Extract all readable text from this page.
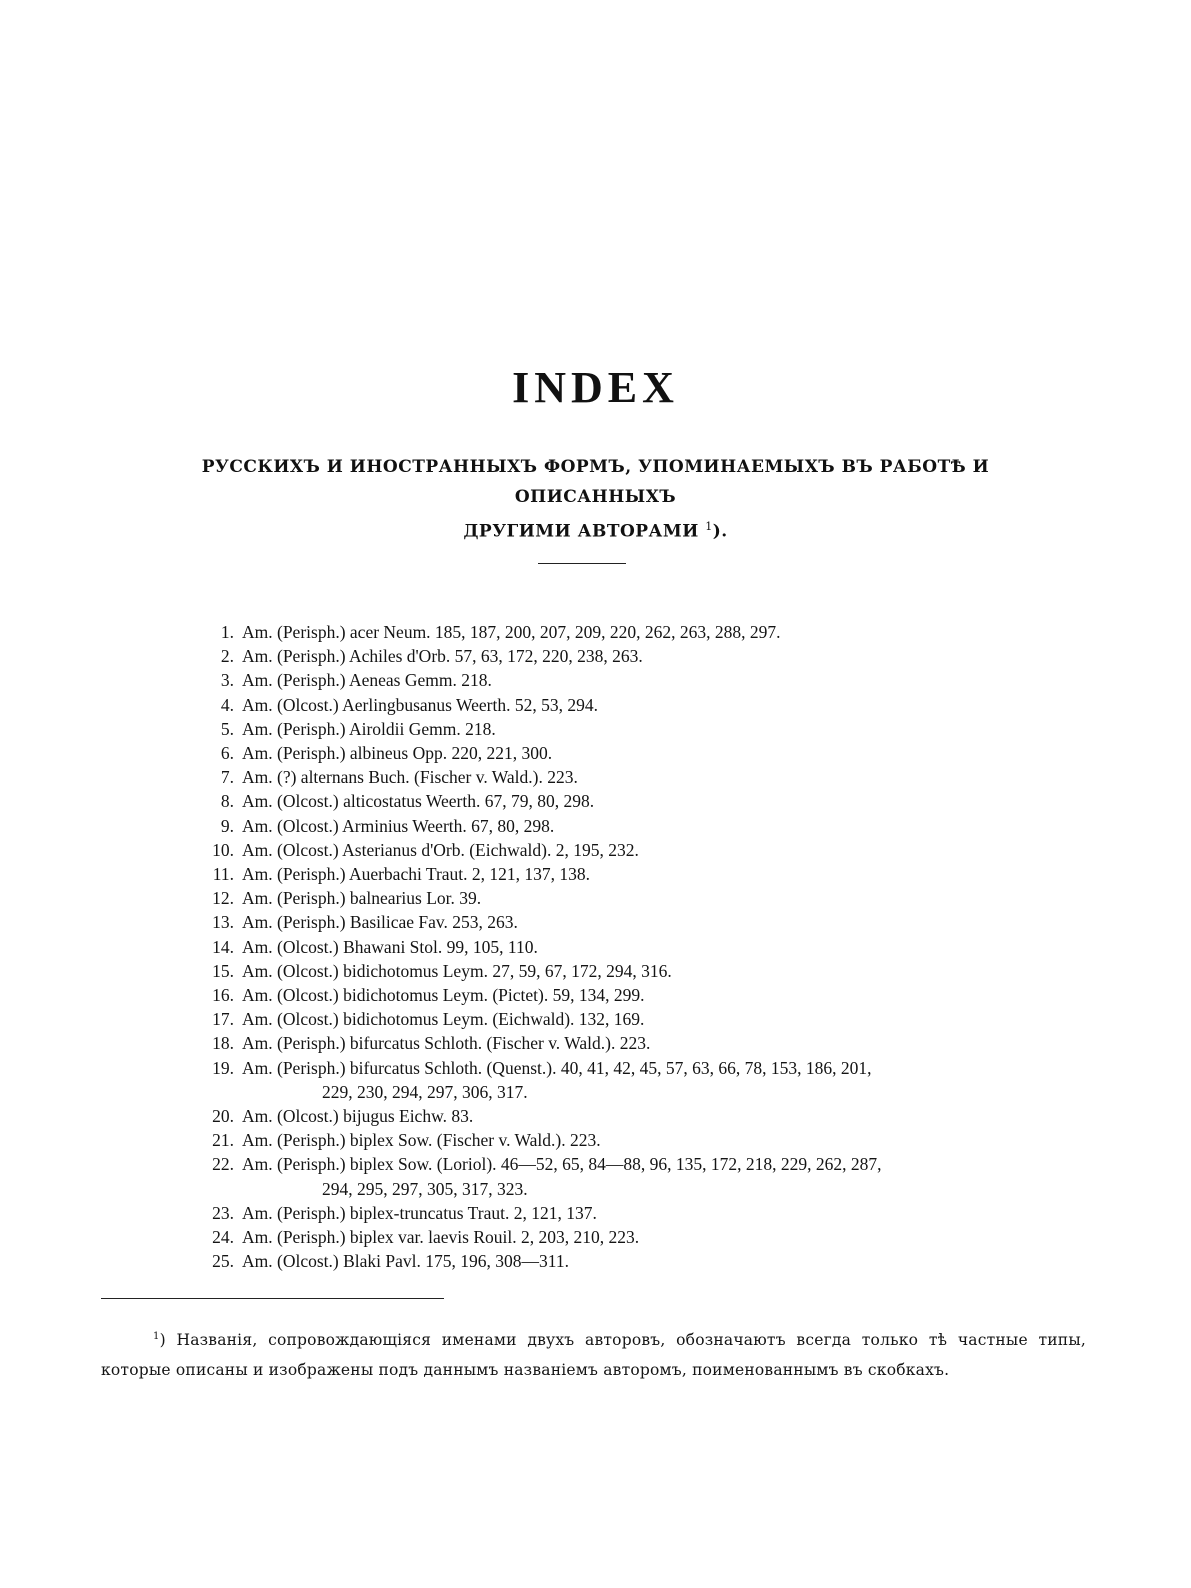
INDEX
РУССКИХЪ И ИНОСТРАННЫХЪ ФОРМЪ, УПОМИНАЕМЫХЪ ВЪ РАБОТѢ И ОПИСАННЫХЪ
ДРУГИМИ АВТОРАМИ $^1$).
1. Am. (Perisph.) acer Neum. 185, 187, 200, 207, 209, 220, 262, 263, 288, 297.
2. Am. (Perisph.) Achiles d'Orb. 57, 63, 172, 220, 238, 263.
3. Am. (Perisph.) Aeneas Gemm. 218.
4. Am. (Olcost.) Aerlingbusanus Weerth. 52, 53, 294.
5. Am. (Perisph.) Airoldii Gemm. 218.
6. Am. (Perisph.) albineus Opp. 220, 221, 300.
7. Am. (?) alternans Buch. (Fischer v. Wald.). 223.
8. Am. (Olcost.) alticostatus Weerth. 67, 79, 80, 298.
9. Am. (Olcost.) Arminius Weerth. 67, 80, 298.
10. Am. (Olcost.) Asterianus d'Orb. (Eichwald). 2, 195, 232.
11. Am. (Perisph.) Auerbachi Traut. 2, 121, 137, 138.
12. Am. (Perisph.) balnearius Lor. 39.
13. Am. (Perisph.) Basilicae Fav. 253, 263.
14. Am. (Olcost.) Bhawani Stol. 99, 105, 110.
15. Am. (Olcost.) bidichotomus Leym. 27, 59, 67, 172, 294, 316.
16. Am. (Olcost.) bidichotomus Leym. (Pictet). 59, 134, 299.
17. Am. (Olcost.) bidichotomus Leym. (Eichwald). 132, 169.
18. Am. (Perisph.) bifurcatus Schloth. (Fischer v. Wald.). 223.
19. Am. (Perisph.) bifurcatus Schloth. (Quenst.). 40, 41, 42, 45, 57, 63, 66, 78, 153, 186, 201,
229, 230, 294, 297, 306, 317.
20. Am. (Olcost.) bijugus Eichw. 83.
21. Am. (Perisph.) biplex Sow. (Fischer v. Wald.). 223.
22. Am. (Perisph.) biplex Sow. (Loriol). 46—52, 65, 84—88, 96, 135, 172, 218, 229, 262, 287,
294, 295, 297, 305, 317, 323.
23. Am. (Perisph.) biplex-truncatus Traut. 2, 121, 137.
24. Am. (Perisph.) biplex var. laevis Rouil. 2, 203, 210, 223.
25. Am. (Olcost.) Blaki Pavl. 175, 196, 308—311.
$^1$) Названія, сопровождающіяся именами двухъ авторовъ, обозначаютъ всегда только тѣ частные типы, которые описаны и изображены подъ даннымъ названіемъ авторомъ, поименованнымъ въ скобкахъ.
